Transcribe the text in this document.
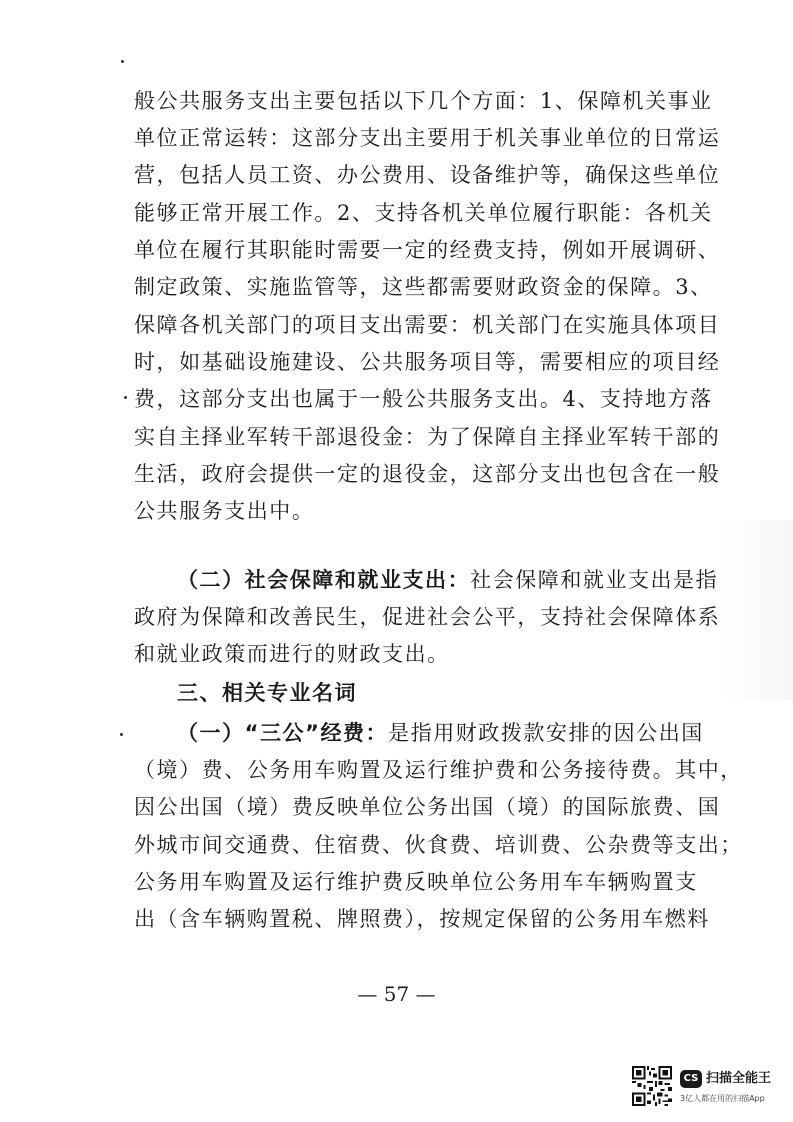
般公共服务支出主要包括以下几个方面：1、保障机关事业
单位正常运转：这部分支出主要用于机关事业单位的日常运
营，包括人员工资、办公费用、设备维护等，确保这些单位
能够正常开展工作。2、支持各机关单位履行职能：各机关
单位在履行其职能时需要一定的经费支持，例如开展调研、
制定政策、实施监管等，这些都需要财政资金的保障。3、
保障各机关部门的项目支出需要：机关部门在实施具体项目
时，如基础设施建设、公共服务项目等，需要相应的项目经
费，这部分支出也属于一般公共服务支出。4、支持地方落
实自主择业军转干部退役金：为了保障自主择业军转干部的
生活，政府会提供一定的退役金，这部分支出也包含在一般
公共服务支出中。
（二）社会保障和就业支出：社会保障和就业支出是指
政府为保障和改善民生，促进社会公平，支持社会保障体系
和就业政策而进行的财政支出。
三、相关专业名词
（一）“三公”经费：是指用财政拨款安排的因公出国
（境）费、公务用车购置及运行维护费和公务接待费。其中，
因公出国（境）费反映单位公务出国（境）的国际旅费、国
外城市间交通费、住宿费、伙食费、培训费、公杂费等支出；
公务用车购置及运行维护费反映单位公务用车车辆购置支
出（含车辆购置税、牌照费），按规定保留的公务用车燃料
— 57 —
CS 扫描全能王
3亿人都在用的扫描App
